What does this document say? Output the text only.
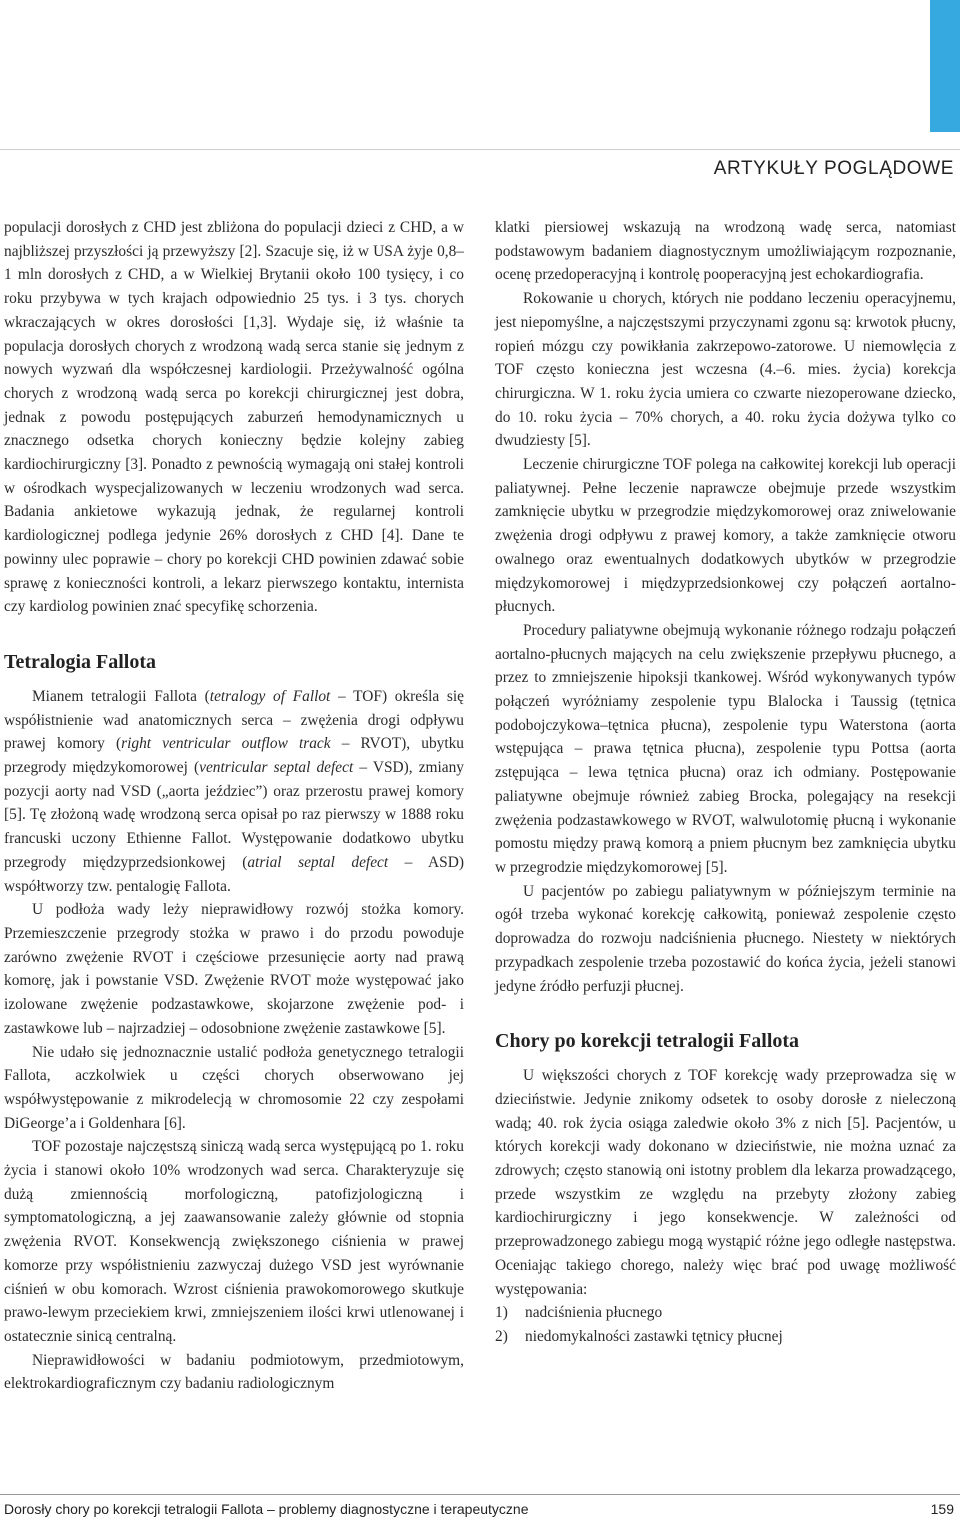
ARTYKUŁY POGLĄDOWE

populacji dorosłych z CHD jest zbliżona do populacji dzieci z CHD, a w najbliższej przyszłości ją przewyższy [2]. Szacuje się, iż w USA żyje 0,8–1 mln dorosłych z CHD, a w Wielkiej Brytanii około 100 tysięcy, i co roku przybywa w tych krajach odpowiednio 25 tys. i 3 tys. chorych wkraczających w okres dorosłości [1,3]. Wydaje się, iż właśnie ta populacja dorosłych chorych z wrodzoną wadą serca stanie się jednym z nowych wyzwań dla współczesnej kardiologii. Przeżywalność ogólna chorych z wrodzoną wadą serca po korekcji chirurgicznej jest dobra, jednak z powodu postępujących zaburzeń hemodynamicznych u znacznego odsetka chorych konieczny będzie kolejny zabieg kardiochirurgiczny [3]. Ponadto z pewnością wymagają oni stałej kontroli w ośrodkach wyspecjalizowanych w leczeniu wrodzonych wad serca. Badania ankietowe wykazują jednak, że regularnej kontroli kardiologicznej podlega jedynie 26% dorosłych z CHD [4]. Dane te powinny ulec poprawie – chory po korekcji CHD powinien zdawać sobie sprawę z konieczności kontroli, a lekarz pierwszego kontaktu, internista czy kardiolog powinien znać specyfikę schorzenia.

Tetralogia Fallota

Mianem tetralogii Fallota (tetralogy of Fallot – TOF) określa się współistnienie wad anatomicznych serca – zwężenia drogi odpływu prawej komory (right ventricular outflow track – RVOT), ubytku przegrody międzykomorowej (ventricular septal defect – VSD), zmiany pozycji aorty nad VSD („aorta jeździec”) oraz przerostu prawej komory [5]. Tę złożoną wadę wrodzoną serca opisał po raz pierwszy w 1888 roku francuski uczony Ethienne Fallot. Występowanie dodatkowo ubytku przegrody międzyprzedsionkowej (atrial septal defect – ASD) współtworzy tzw. pentalogię Fallota.

U podłoża wady leży nieprawidłowy rozwój stożka komory. Przemieszczenie przegrody stożka w prawo i do przodu powoduje zarówno zwężenie RVOT i częściowe przesunięcie aorty nad prawą komorę, jak i powstanie VSD. Zwężenie RVOT może występować jako izolowane zwężenie podzastawkowe, skojarzone zwężenie pod- i zastawkowe lub – najrzadziej – odosobnione zwężenie zastawkowe [5].

Nie udało się jednoznacznie ustalić podłoża genetycznego tetralogii Fallota, aczkolwiek u części chorych obserwowano jej współwystępowanie z mikrodelecją w chromosomie 22 czy zespołami DiGeorge’a i Goldenhara [6].

TOF pozostaje najczęstszą siniczą wadą serca występującą po 1. roku życia i stanowi około 10% wrodzonych wad serca. Charakteryzuje się dużą zmiennością morfologiczną, patofizjologiczną i symptomatologiczną, a jej zaawansowanie zależy głównie od stopnia zwężenia RVOT. Konsekwencją zwiększonego ciśnienia w prawej komorze przy współistnieniu zazwyczaj dużego VSD jest wyrównanie ciśnień w obu komorach. Wzrost ciśnienia prawokomorowego skutkuje prawo-lewym przeciekiem krwi, zmniejszeniem ilości krwi utlenowanej i ostatecznie sinicą centralną.

Nieprawidłowości w badaniu podmiotowym, przedmiotowym, elektrokardiograficznym czy badaniu radiologicznym

klatki piersiowej wskazują na wrodzoną wadę serca, natomiast podstawowym badaniem diagnostycznym umożliwiającym rozpoznanie, ocenę przedoperacyjną i kontrolę pooperacyjną jest echokardiografia.

Rokowanie u chorych, których nie poddano leczeniu operacyjnemu, jest niepomyślne, a najczęstszymi przyczynami zgonu są: krwotok płucny, ropień mózgu czy powikłania zakrzepowo-zatorowe. U niemowlęcia z TOF często konieczna jest wczesna (4.–6. mies. życia) korekcja chirurgiczna. W 1. roku życia umiera co czwarte niezoperowane dziecko, do 10. roku życia – 70% chorych, a 40. roku życia dożywa tylko co dwudziesty [5].

Leczenie chirurgiczne TOF polega na całkowitej korekcji lub operacji paliatywnej. Pełne leczenie naprawcze obejmuje przede wszystkim zamknięcie ubytku w przegrodzie międzykomorowej oraz zniwelowanie zwężenia drogi odpływu z prawej komory, a także zamknięcie otworu owalnego oraz ewentualnych dodatkowych ubytków w przegrodzie międzykomorowej i międzyprzedsionkowej czy połączeń aortalno-płucnych.

Procedury paliatywne obejmują wykonanie różnego rodzaju połączeń aortalno-płucnych mających na celu zwiększenie przepływu płucnego, a przez to zmniejszenie hipoksji tkankowej. Wśród wykonywanych typów połączeń wyróżniamy zespolenie typu Blalocka i Taussig (tętnica podobojczykowa–tętnica płucna), zespolenie typu Waterstona (aorta wstępująca – prawa tętnica płucna), zespolenie typu Pottsa (aorta zstępująca – lewa tętnica płucna) oraz ich odmiany. Postępowanie paliatywne obejmuje również zabieg Brocka, polegający na resekcji zwężenia podzastawkowego w RVOT, walwulotomię płucną i wykonanie pomostu między prawą komorą a pniem płucnym bez zamknięcia ubytku w przegrodzie międzykomorowej [5].

U pacjentów po zabiegu paliatywnym w późniejszym terminie na ogół trzeba wykonać korekcję całkowitą, ponieważ zespolenie często doprowadza do rozwoju nadciśnienia płucnego. Niestety w niektórych przypadkach zespolenie trzeba pozostawić do końca życia, jeżeli stanowi jedyne źródło perfuzji płucnej.

Chory po korekcji tetralogii Fallota

U większości chorych z TOF korekcję wady przeprowadza się w dzieciństwie. Jedynie znikomy odsetek to osoby dorosłe z nieleczoną wadą; 40. rok życia osiąga zaledwie około 3% z nich [5]. Pacjentów, u których korekcji wady dokonano w dzieciństwie, nie można uznać za zdrowych; często stanowią oni istotny problem dla lekarza prowadzącego, przede wszystkim ze względu na przebyty złożony zabieg kardiochirurgiczny i jego konsekwencje. W zależności od przeprowadzonego zabiegu mogą wystąpić różne jego odległe następstwa. Oceniając takiego chorego, należy więc brać pod uwagę możliwość występowania:

1) nadciśnienia płucnego
2) niedomykalności zastawki tętnicy płucnej
Dorosły chory po korekcji tetralogii Fallota – problemy diagnostyczne i terapeutyczne	159
